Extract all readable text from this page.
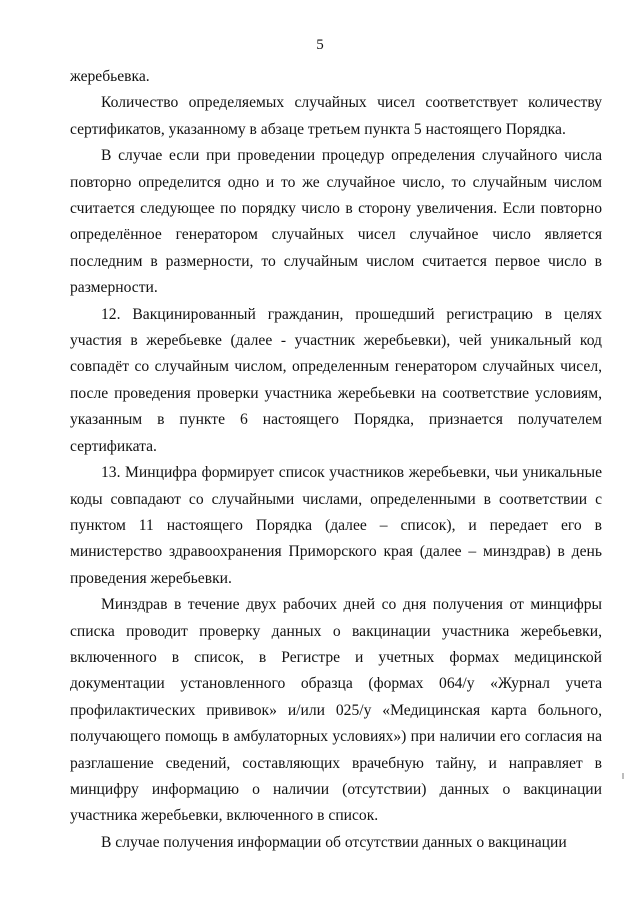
5

жеребьевка.

Количество определяемых случайных чисел соответствует количеству сертификатов, указанному в абзаце третьем пункта 5 настоящего Порядка.

В случае если при проведении процедур определения случайного числа повторно определится одно и то же случайное число, то случайным числом считается следующее по порядку число в сторону увеличения. Если повторно определённое генератором случайных чисел случайное число является последним в размерности, то случайным числом считается первое число в размерности.

12. Вакцинированный гражданин, прошедший регистрацию в целях участия в жеребьевке (далее - участник жеребьевки), чей уникальный код совпадёт со случайным числом, определенным генератором случайных чисел, после проведения проверки участника жеребьевки на соответствие условиям, указанным в пункте 6 настоящего Порядка, признается получателем сертификата.

13. Минцифра формирует список участников жеребьевки, чьи уникальные коды совпадают со случайными числами, определенными в соответствии с пунктом 11 настоящего Порядка (далее – список), и передает его в министерство здравоохранения Приморского края (далее – минздрав) в день проведения жеребьевки.

Минздрав в течение двух рабочих дней со дня получения от минцифры списка проводит проверку данных о вакцинации участника жеребьевки, включенного в список, в Регистре и учетных формах медицинской документации установленного образца (формах 064/у «Журнал учета профилактических прививок» и/или 025/у «Медицинская карта больного, получающего помощь в амбулаторных условиях») при наличии его согласия на разглашение сведений, составляющих врачебную тайну, и направляет в минцифру информацию о наличии (отсутствии) данных о вакцинации участника жеребьевки, включенного в список.

В случае получения информации об отсутствии данных о вакцинации
